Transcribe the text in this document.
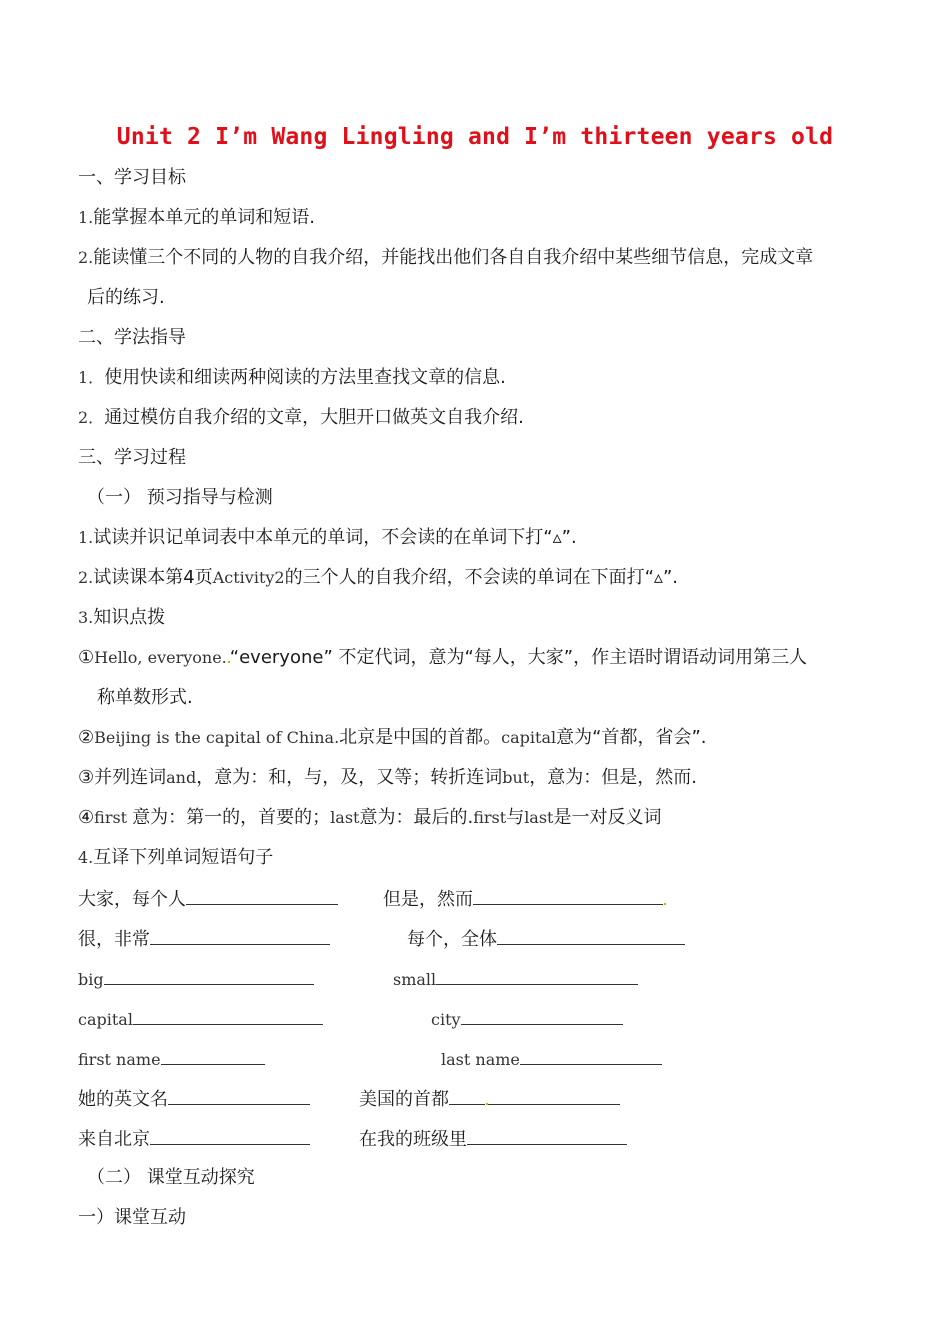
Unit 2 I’m Wang Lingling and I’m thirteen years old
一、学习目标
1.能掌握本单元的单词和短语.
2.能读懂三个不同的人物的自我介绍，并能找出他们各自自我介绍中某些细节信息，完成文章
后的练习.
二、学法指导
1．使用快读和细读两种阅读的方法里查找文章的信息.
2．通过模仿自我介绍的文章，大胆开口做英文自我介绍.
三、学习过程
（一） 预习指导与检测
1.试读并识记单词表中本单元的单词，不会读的在单词下打“▵”.
2.试读课本第4页Activity2的三个人的自我介绍，不会读的单词在下面打“▵”.
3.知识点拨
①Hello, everyone. “everyone” 不定代词，意为“每人，大家”，作主语时谓语动词用第三人
称单数形式.
②Beijing is the capital of China.北京是中国的首都。capital意为“首都，省会”.
③并列连词and，意为：和，与，及，又等；转折连词but，意为：但是，然而.
④first 意为：第一的，首要的；last意为：最后的.first与last是一对反义词
4.互译下列单词短语句子
大家，每个人	但是，然而
很，非常	每个，全体
big	small
capital	city
first name	last name
她的英文名	美国的首都
来自北京	在我的班级里
（二） 课堂互动探究
一）课堂互动
